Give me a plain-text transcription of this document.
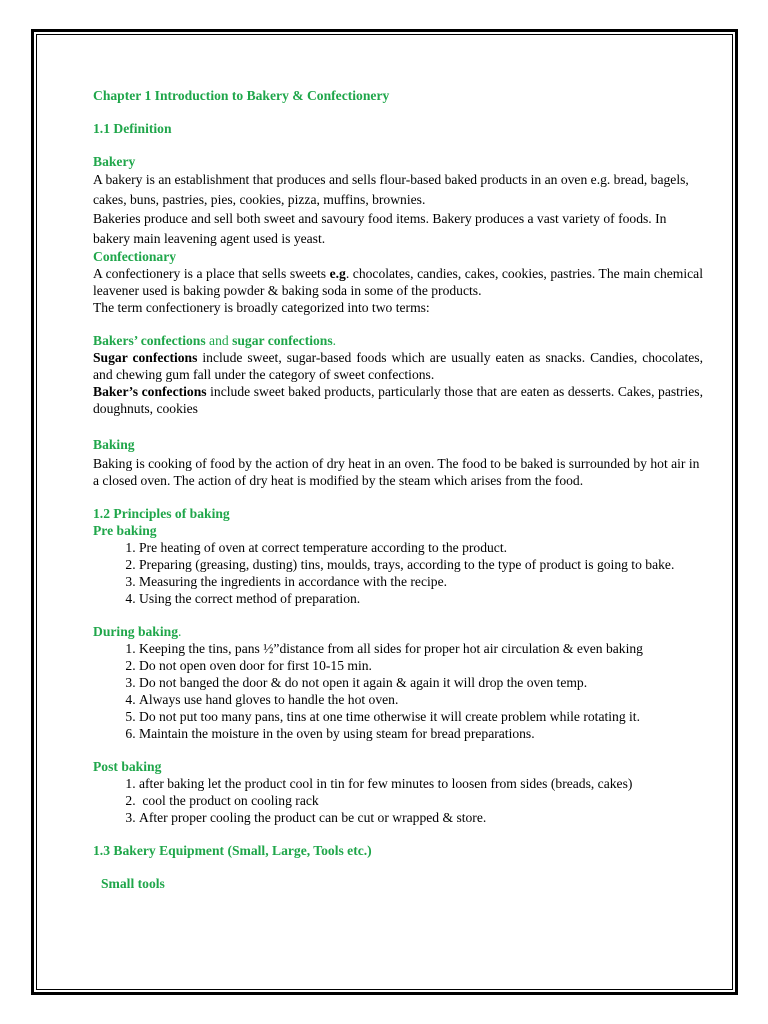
Chapter 1 Introduction to Bakery & Confectionery

1.1 Definition

Bakery

A bakery is an establishment that produces and sells flour-based baked products in an oven e.g. bread, bagels, cakes, buns, pastries, pies, cookies, pizza, muffins, brownies.

Bakeries produce and sell both sweet and savoury food items. Bakery produces a vast variety of foods. In bakery main leavening agent used is yeast.

Confectionary

A confectionery is a place that sells sweets e.g. chocolates, candies, cakes, cookies, pastries. The main chemical leavener used is baking powder & baking soda in some of the products.

The term confectionery is broadly categorized into two terms:

Bakers’ confections and sugar confections.

Sugar confections include sweet, sugar-based foods which are usually eaten as snacks. Candies, chocolates, and chewing gum fall under the category of sweet confections.

Baker’s confections include sweet baked products, particularly those that are eaten as desserts. Cakes, pastries, doughnuts, cookies

Baking

Baking is cooking of food by the action of dry heat in an oven. The food to be baked is surrounded by hot air in a closed oven. The action of dry heat is modified by the steam which arises from the food.

1.2 Principles of baking

Pre baking

1. Pre heating of oven at correct temperature according to the product.
2. Preparing (greasing, dusting) tins, moulds, trays, according to the type of product is going to bake.
3. Measuring the ingredients in accordance with the recipe.
4. Using the correct method of preparation.

During baking.

1. Keeping the tins, pans ½”distance from all sides for proper hot air circulation & even baking
2. Do not open oven door for first 10-15 min.
3. Do not banged the door & do not open it again & again it will drop the oven temp.
4. Always use hand gloves to handle the hot oven.
5. Do not put too many pans, tins at one time otherwise it will create problem while rotating it.
6. Maintain the moisture in the oven by using steam for bread preparations.

Post baking

1. after baking let the product cool in tin for few minutes to loosen from sides (breads, cakes)
2.  cool the product on cooling rack
3. After proper cooling the product can be cut or wrapped & store.

1.3 Bakery Equipment (Small, Large, Tools etc.)

Small tools
